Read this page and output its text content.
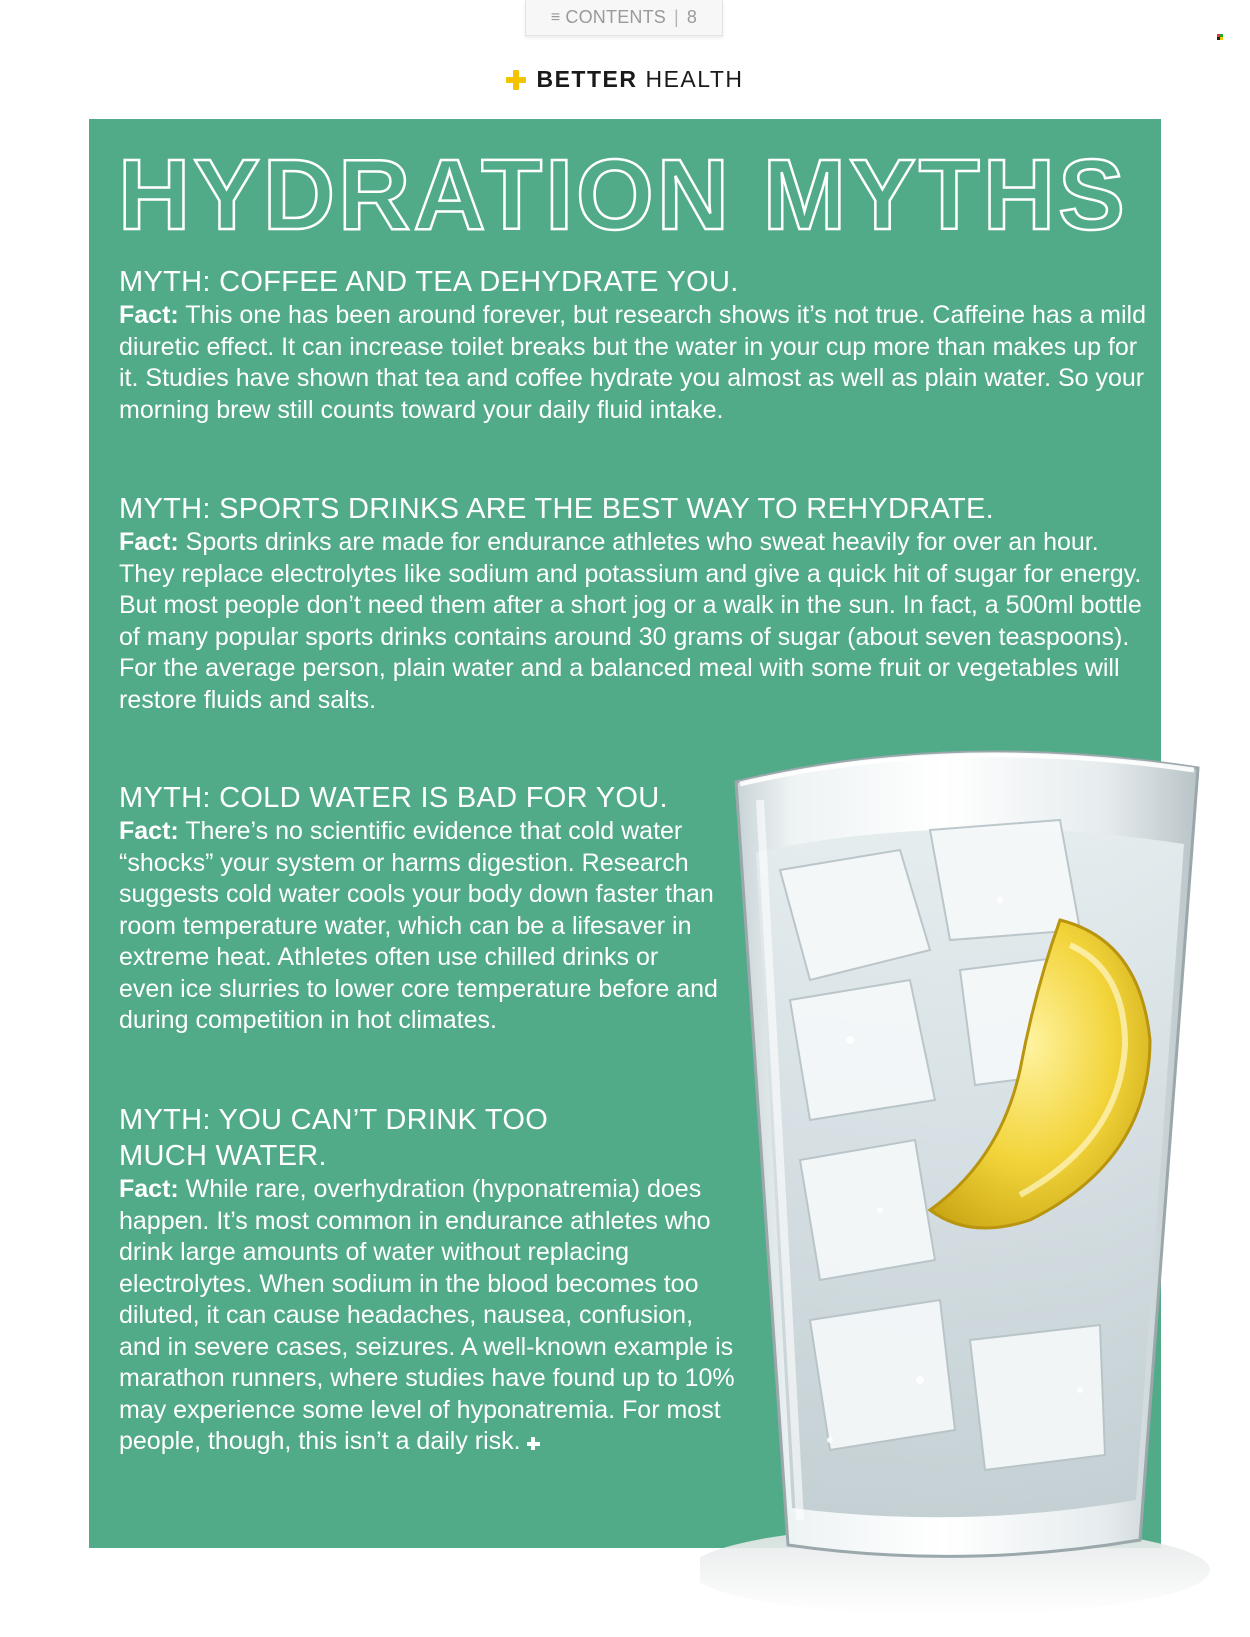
≡ CONTENTS | 8
BETTER HEALTH
HYDRATION MYTHS
MYTH: COFFEE AND TEA DEHYDRATE YOU.

Fact: This one has been around forever, but research shows it’s not true. Caffeine has a mild diuretic effect. It can increase toilet breaks but the water in your cup more than makes up for it. Studies have shown that tea and coffee hydrate you almost as well as plain water. So your morning brew still counts toward your daily fluid intake.

MYTH: SPORTS DRINKS ARE THE BEST WAY TO REHYDRATE.

Fact: Sports drinks are made for endurance athletes who sweat heavily for over an hour. They replace electrolytes like sodium and potassium and give a quick hit of sugar for energy. But most people don’t need them after a short jog or a walk in the sun. In fact, a 500ml bottle of many popular sports drinks contains around 30 grams of sugar (about seven teaspoons). For the average person, plain water and a balanced meal with some fruit or vegetables will restore fluids and salts.

MYTH: COLD WATER IS BAD FOR YOU.

Fact: There’s no scientific evidence that cold water “shocks” your system or harms digestion. Research suggests cold water cools your body down faster than room temperature water, which can be a lifesaver in extreme heat. Athletes often use chilled drinks or even ice slurries to lower core temperature before and during competition in hot climates.

MYTH: YOU CAN’T DRINK TOO MUCH WATER.

Fact: While rare, overhydration (hyponatremia) does happen. It’s most common in endurance athletes who drink large amounts of water without replacing electrolytes. When sodium in the blood becomes too diluted, it can cause headaches, nausea, confusion, and in severe cases, seizures. A well-known example is marathon runners, where studies have found up to 10% may experience some level of hyponatremia. For most people, though, this isn’t a daily risk.
